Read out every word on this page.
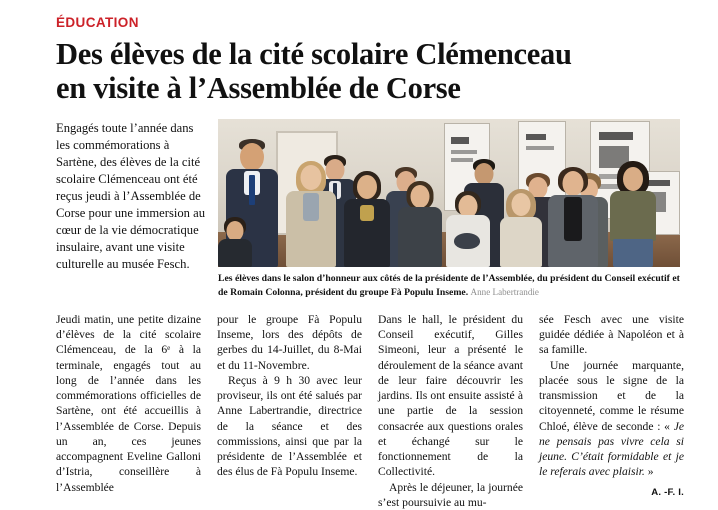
ÉDUCATION
Des élèves de la cité scolaire Clémenceau
en visite à l’Assemblée de Corse
Engagés toute l’année dans les commémorations à Sartène, des élèves de la cité scolaire Clémenceau ont été reçus jeudi à l’Assemblée de Corse pour une immersion au cœur de la vie démocratique insulaire, avant une visite culturelle au musée Fesch.
Les élèves dans le salon d’honneur aux côtés de la présidente de l’Assemblée, du président du Conseil exécutif et de Romain Colonna, président du groupe Fà Populu Inseme. Anne Labertrandie

Jeudi matin, une petite dizaine d’élèves de la cité scolaire Clémenceau, de la 6ᵉ à la terminale, engagés tout au long de l’année dans les commémorations officielles de Sartène, ont été accueillis à l’Assemblée de Corse. Depuis un an, ces jeunes accompagnent Eveline Galloni d’Istria, conseillère à l’Assemblée

pour le groupe Fà Populu Inseme, lors des dépôts de gerbes du 14-Juillet, du 8-Mai et du 11-Novembre.

Reçus à 9 h 30 avec leur proviseur, ils ont été salués par Anne Labertrandie, directrice de la séance et des commissions, ainsi que par la présidente de l’Assemblée et des élus de Fà Populu Inseme.

Dans le hall, le président du Conseil exécutif, Gilles Simeoni, leur a présenté le déroulement de la séance avant de leur faire découvrir les jardins. Ils ont ensuite assisté à une partie de la session consacrée aux questions orales et échangé sur le fonctionnement de la Collectivité.

Après le déjeuner, la journée s’est poursuivie au mu-

sée Fesch avec une visite guidée dédiée à Napoléon et à sa famille.

Une journée marquante, placée sous le signe de la transmission et de la citoyenneté, comme le résume Chloé, élève de seconde : « Je ne pensais pas vivre cela si jeune. C’était formidable et je le referais avec plaisir. »

A. -F. I.
